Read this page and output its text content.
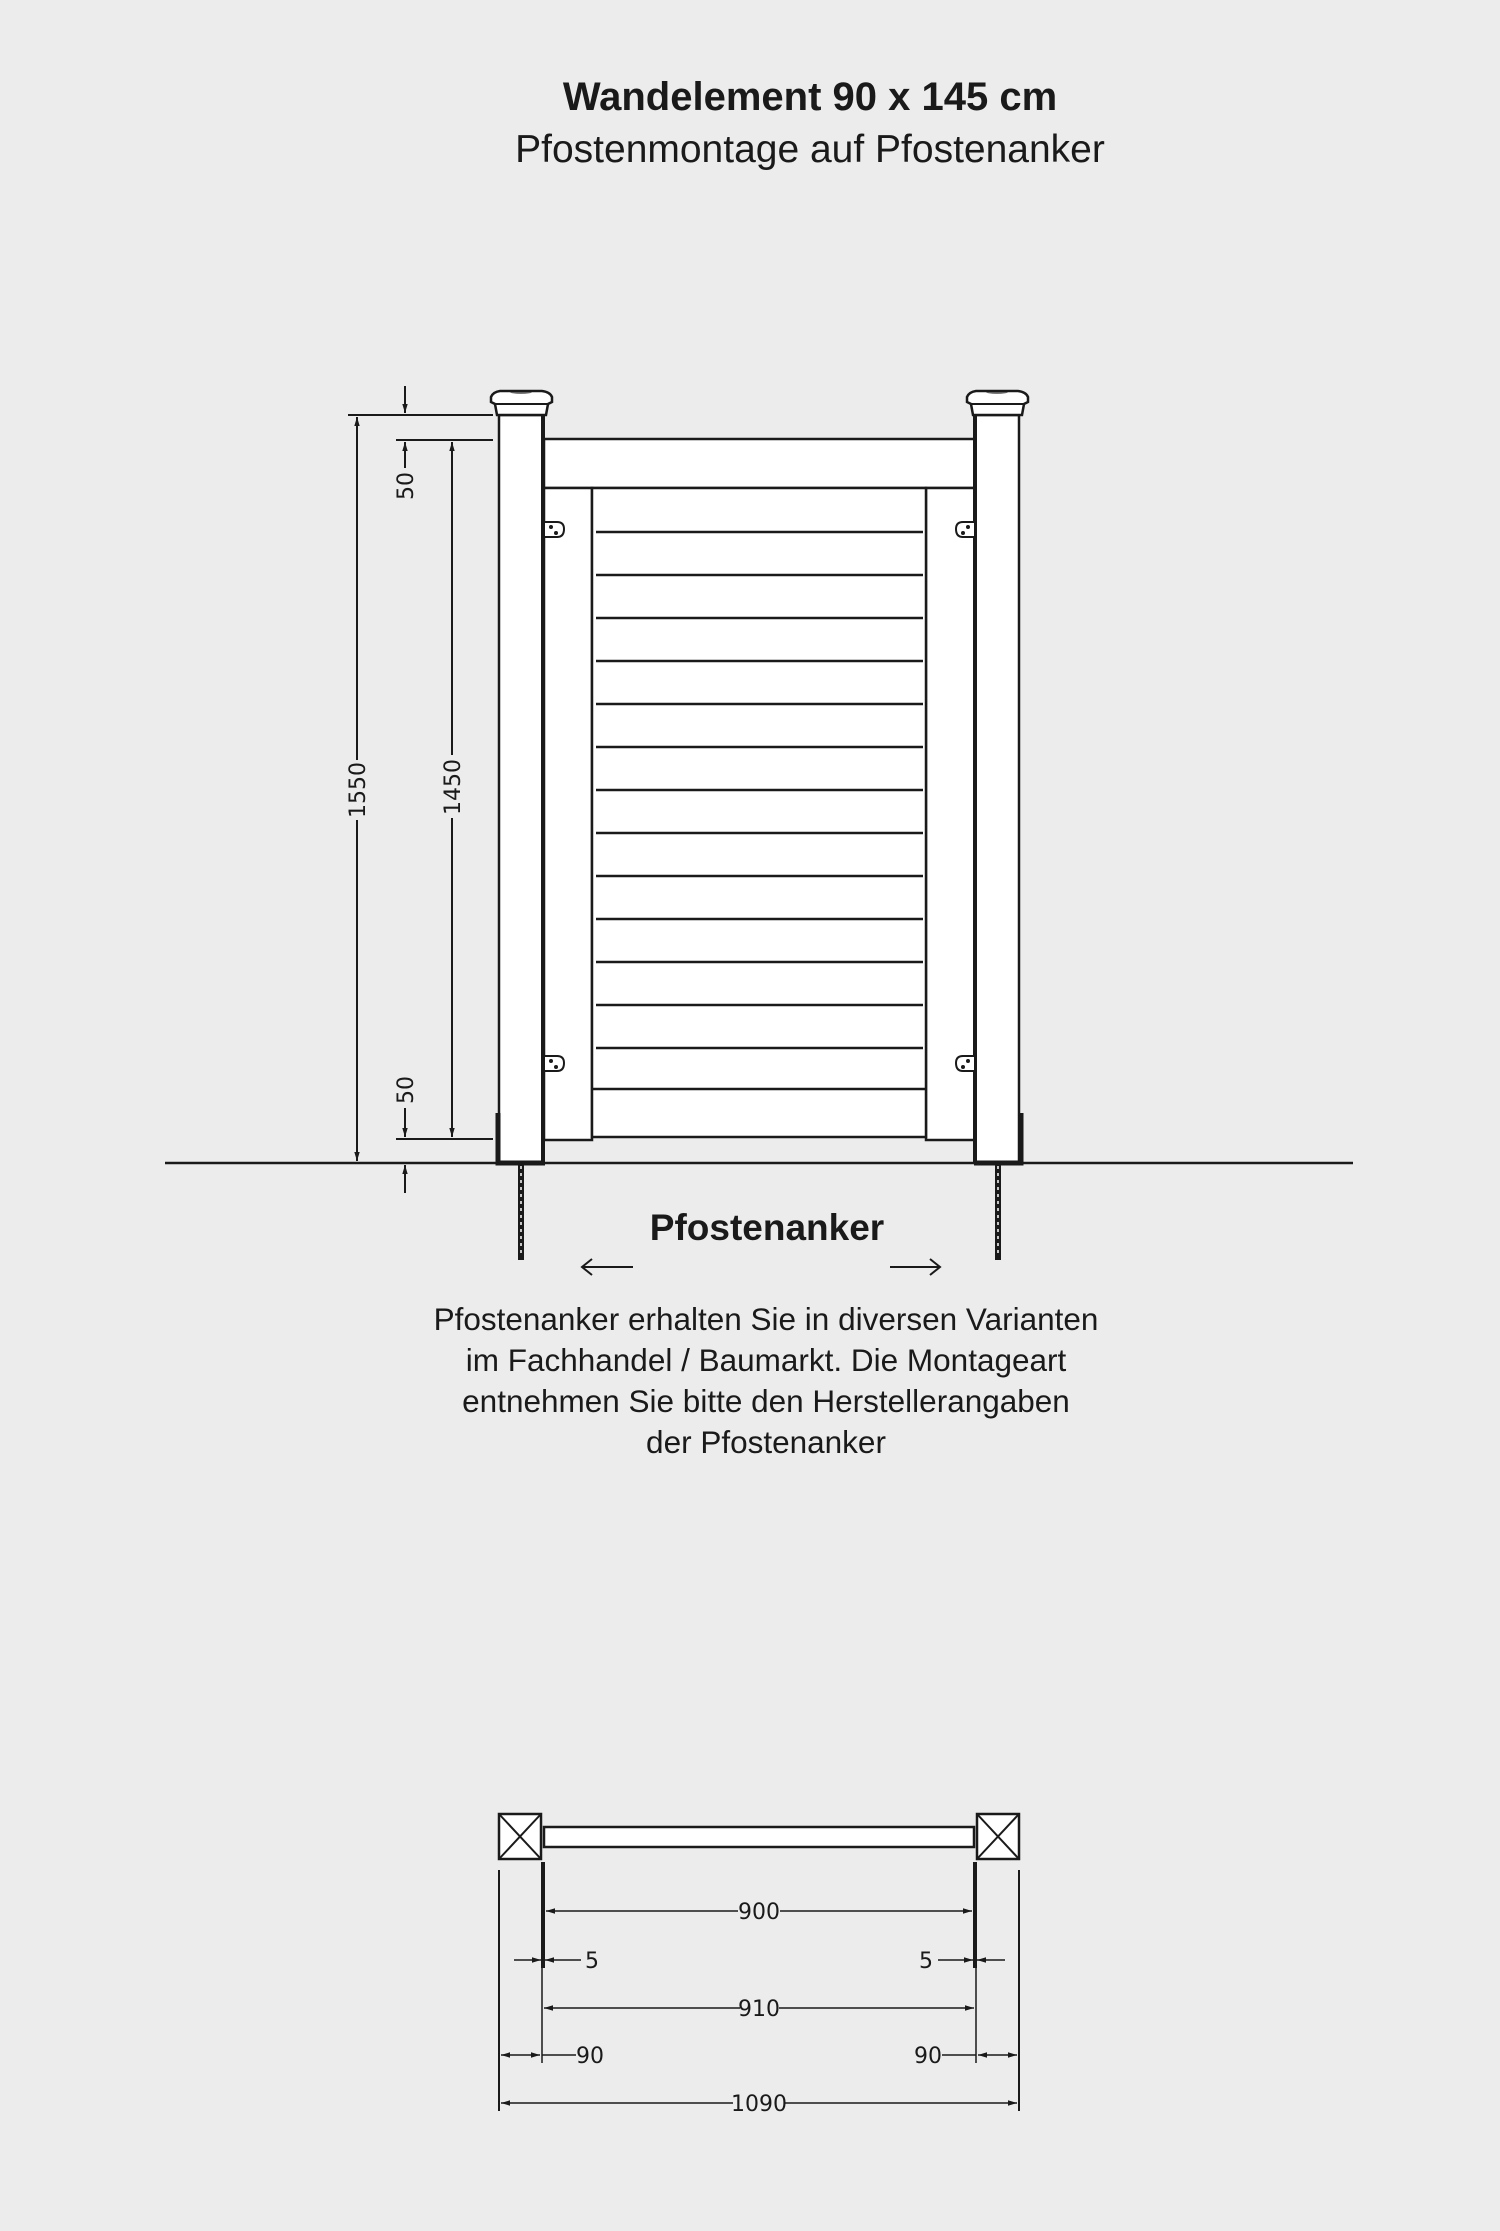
Wandelement 90 x 145 cm
Pfostenmontage auf Pfostenanker
1550	1450
50
50
Pfostenanker
Pfostenanker erhalten Sie in diversen Varianten
im Fachhandel / Baumarkt. Die Montageart
entnehmen Sie bitte den Herstellerangaben
der Pfostenanker
900
5	5
910
90	90
1090
